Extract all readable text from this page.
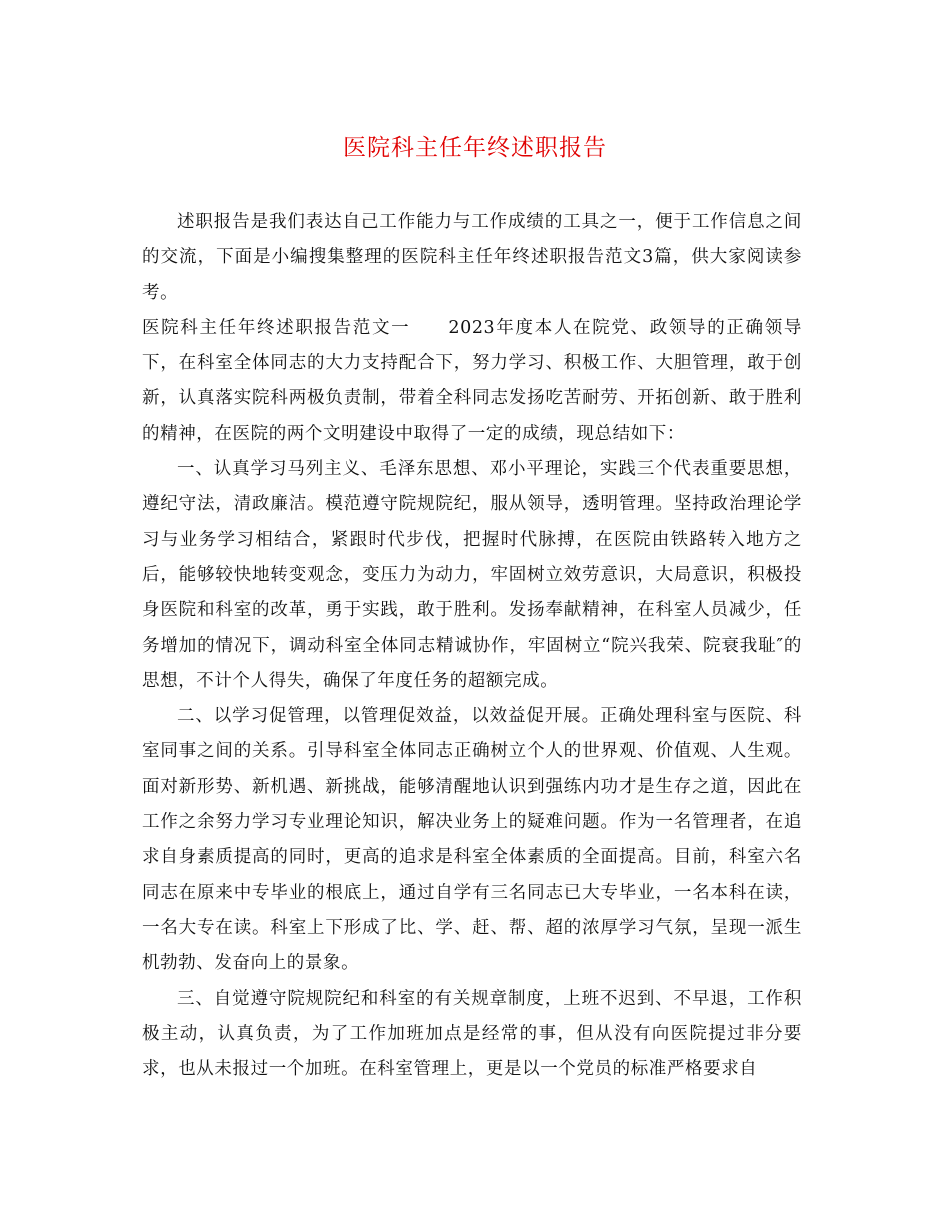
医院科主任年终述职报告

述职报告是我们表达自己工作能力与工作成绩的工具之一，便于工作信息之间的交流，下面是小编搜集整理的医院科主任年终述职报告范文3篇，供大家阅读参考。

医院科主任年终述职报告范文一 2023年度本人在院党、政领导的正确领导下，在科室全体同志的大力支持配合下，努力学习、积极工作、大胆管理，敢于创新，认真落实院科两极负责制，带着全科同志发扬吃苦耐劳、开拓创新、敢于胜利的精神，在医院的两个文明建设中取得了一定的成绩，现总结如下：

一、认真学习马列主义、毛泽东思想、邓小平理论，实践三个代表重要思想，遵纪守法，清政廉洁。模范遵守院规院纪，服从领导，透明管理。坚持政治理论学习与业务学习相结合，紧跟时代步伐，把握时代脉搏，在医院由铁路转入地方之后，能够较快地转变观念，变压力为动力，牢固树立效劳意识，大局意识，积极投身医院和科室的改革，勇于实践，敢于胜利。发扬奉献精神，在科室人员减少，任务增加的情况下，调动科室全体同志精诚协作，牢固树立“院兴我荣、院衰我耻″的思想，不计个人得失，确保了年度任务的超额完成。

二、以学习促管理，以管理促效益，以效益促开展。正确处理科室与医院、科室同事之间的关系。引导科室全体同志正确树立个人的世界观、价值观、人生观。面对新形势、新机遇、新挑战，能够清醒地认识到强练内功才是生存之道，因此在工作之余努力学习专业理论知识，解决业务上的疑难问题。作为一名管理者，在追求自身素质提高的同时，更高的追求是科室全体素质的全面提高。目前，科室六名同志在原来中专毕业的根底上，通过自学有三名同志已大专毕业，一名本科在读，一名大专在读。科室上下形成了比、学、赶、帮、超的浓厚学习气氛，呈现一派生机勃勃、发奋向上的景象。

三、自觉遵守院规院纪和科室的有关规章制度，上班不迟到、不早退，工作积极主动，认真负责，为了工作加班加点是经常的事，但从没有向医院提过非分要求，也从未报过一个加班。在科室管理上，更是以一个党员的标准严格要求自
